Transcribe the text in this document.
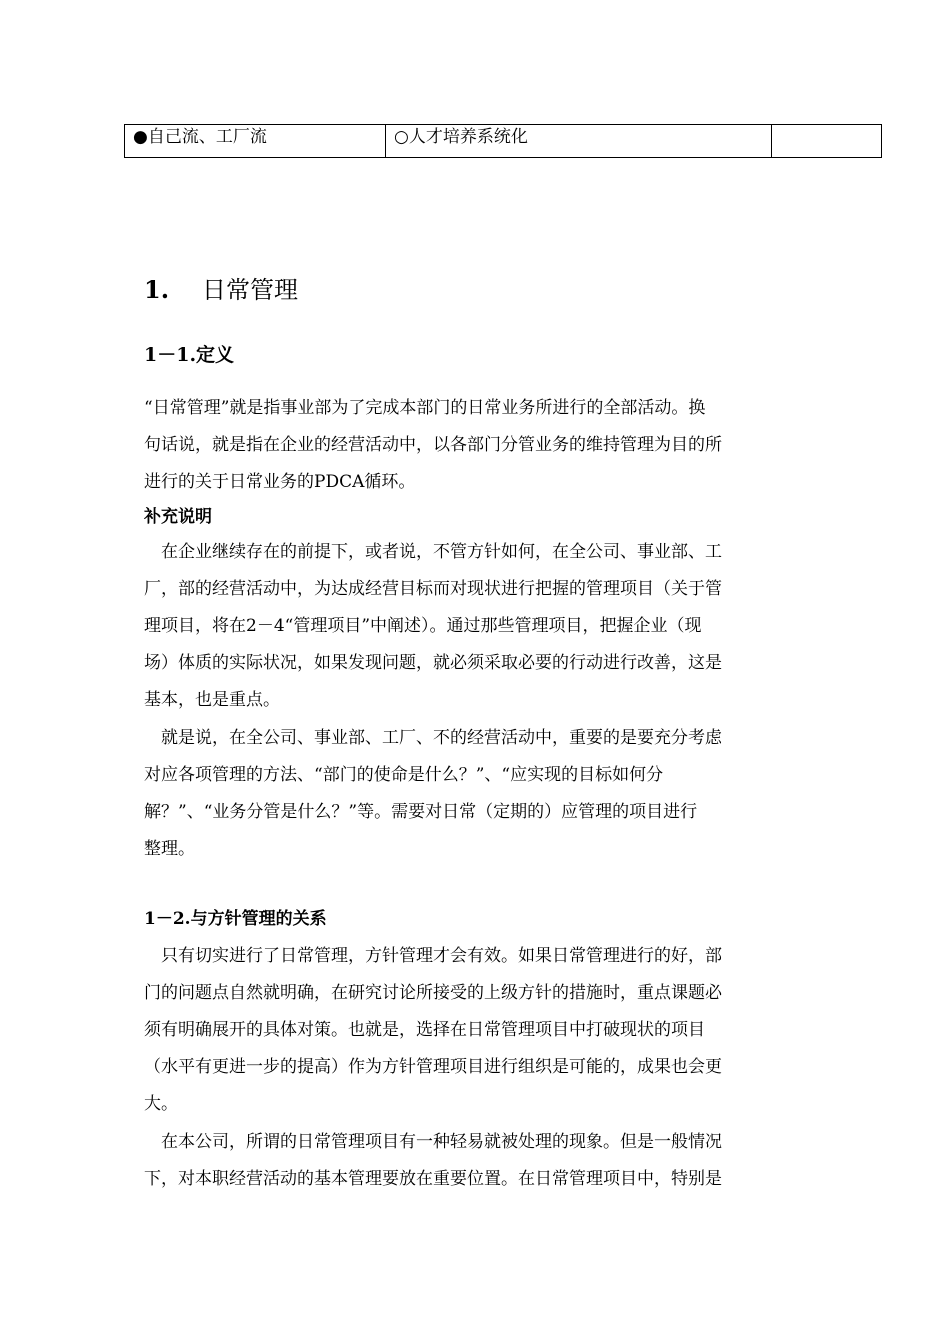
●自己流、工厂流	○人才培养系统化	
1. 日常管理
1－1.定义

“日常管理”就是指事业部为了完成本部门的日常业务所进行的全部活动。换
句话说，就是指在企业的经营活动中，以各部门分管业务的维持管理为目的所
进行的关于日常业务的PDCA循环。

补充说明

　在企业继续存在的前提下，或者说，不管方针如何，在全公司、事业部、工
厂，部的经营活动中，为达成经营目标而对现状进行把握的管理项目（关于管
理项目，将在2－4“管理项目”中阐述）。通过那些管理项目，把握企业（现
场）体质的实际状况，如果发现问题，就必须采取必要的行动进行改善，这是
基本，也是重点。

　就是说，在全公司、事业部、工厂、不的经营活动中，重要的是要充分考虑
对应各项管理的方法、“部门的使命是什么？”、“应实现的目标如何分
解？”、“业务分管是什么？”等。需要对日常（定期的）应管理的项目进行
整理。

1－2.与方针管理的关系

　只有切实进行了日常管理，方针管理才会有效。如果日常管理进行的好，部
门的问题点自然就明确，在研究讨论所接受的上级方针的措施时，重点课题必
须有明确展开的具体对策。也就是，选择在日常管理项目中打破现状的项目
（水平有更进一步的提高）作为方针管理项目进行组织是可能的，成果也会更
大。

　在本公司，所谓的日常管理项目有一种轻易就被处理的现象。但是一般情况
下，对本职经营活动的基本管理要放在重要位置。在日常管理项目中，特别是
